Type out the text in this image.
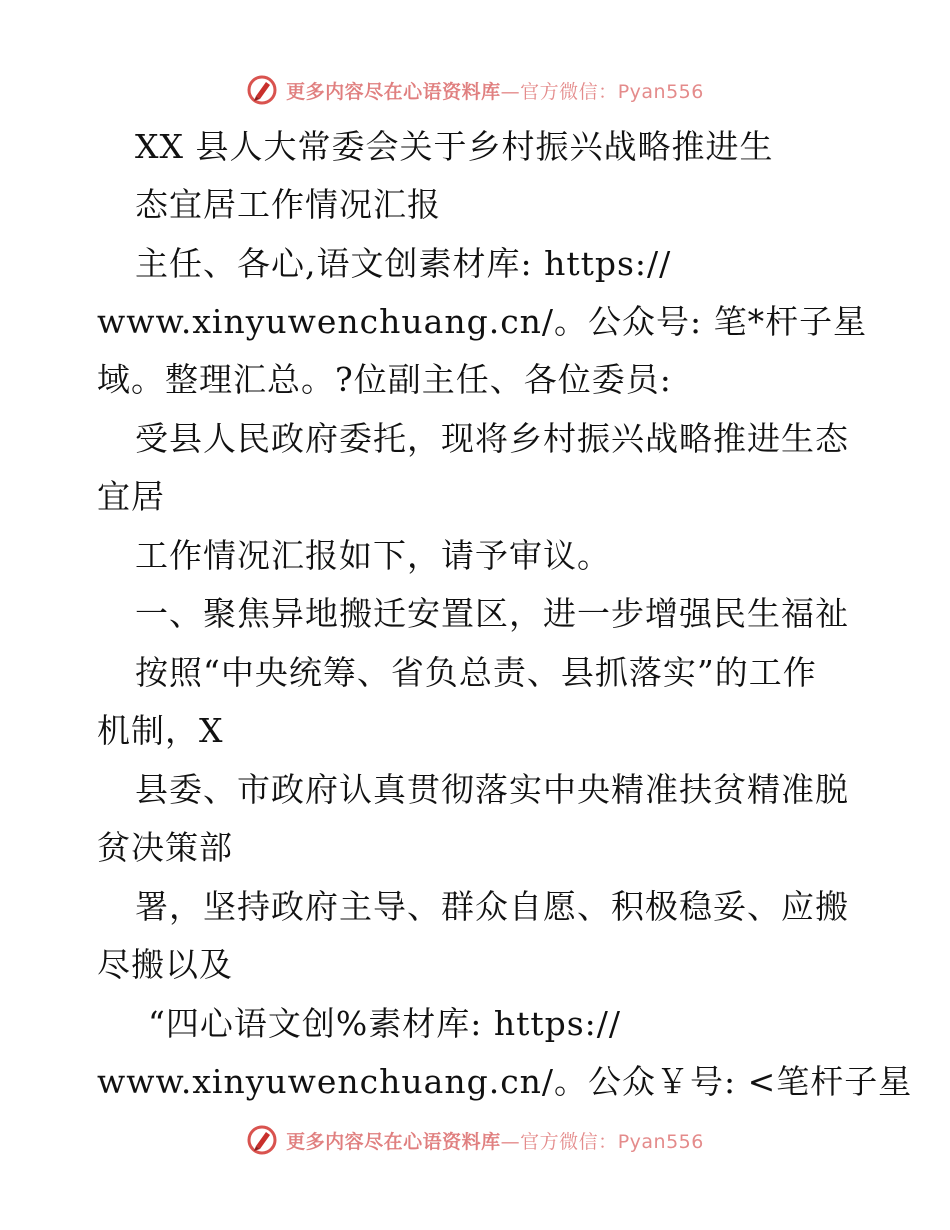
更多内容尽在心语资料库—官方微信：Pyan556
XX 县人大常委会关于乡村振兴战略推进生
态宜居工作情况汇报
主任、各心,语文创素材库: https://
www.xinyuwenchuang.cn/。公众号: 笔*杆子星
域。整理汇总。?位副主任、各位委员:
受县人民政府委托，现将乡村振兴战略推进生态
宜居
工作情况汇报如下，请予审议。
一、聚焦异地搬迁安置区，进一步增强民生福祉
按照“中央统筹、省负总责、县抓落实”的工作
机制，X
县委、市政府认真贯彻落实中央精准扶贫精准脱
贫决策部
署，坚持政府主导、群众自愿、积极稳妥、应搬
尽搬以及
“四心语文创%素材库: https://
www.xinyuwenchuang.cn/。公众￥号: <笔杆子星
更多内容尽在心语资料库—官方微信：Pyan556
